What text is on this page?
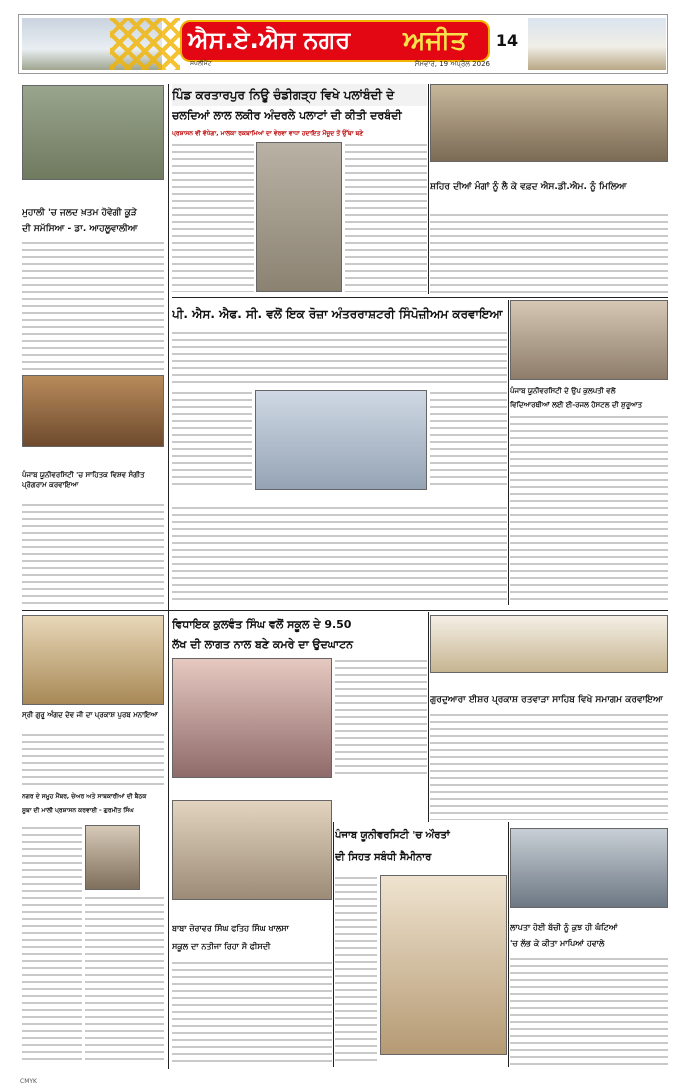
ਐਸ.ਏ.ਐਸ ਨਗਰ	ਅਜੀਤ
ਸਪਲੀਮੈਂਟ	ਸੋਮਵਾਰ, 19 ਅਪ੍ਰੈਲ 2026
14
ਪਿੰਡ ਕਰਤਾਰਪੁਰ ਨਿਊ ਚੰਡੀਗੜ੍ਹ ਵਿਖੇ ਪਲਾਂਬੰਦੀ ਦੇ
ਚਲਦਿਆਂ ਲਾਲ ਲਕੀਰ ਅੰਦਰਲੇ ਪਲਾਟਾਂ ਦੀ ਕੀਤੀ ਦਰਬੰਦੀ
ਪ੍ਰਸ਼ਾਸਨ ਵੀ ਵੱਧੇਗਾ, ਮਾਲਕਾ ਰਕਬਾਮਿਆਂ ਦਾ ਵੇਰਵਾ ਵਾਧਾ ਹਦਾਇਤ ਮੌਜੂਦ ਤੋਂ ਉੱਥਾ ਬਣੇ
ਮੁਹਾਲੀ 'ਚ ਜਲਦ ਖ਼ਤਮ ਹੋਵੇਗੀ ਕੂੜੇ
ਦੀ ਸਮੱਸਿਆ - ਡਾ. ਆਹਲੂਵਾਲੀਆ
ਸ਼ਹਿਰ ਦੀਆਂ ਮੰਗਾਂ ਨੂੰ ਲੈ ਕੇ ਵਫ਼ਦ ਐਸ.ਡੀ.ਐਮ. ਨੂੰ ਮਿਲਿਆ
ਪੀ. ਐਸ. ਐਫ. ਸੀ. ਵਲੋਂ ਇਕ ਰੋਜ਼ਾ ਅੰਤਰਰਾਸ਼ਟਰੀ ਸਿੰਪੋਜ਼ੀਅਮ ਕਰਵਾਇਆ
ਪੰਜਾਬ ਯੂਨੀਵਰਸਿਟੀ 'ਚ ਸਾਹਿਤਕ ਵਿਸ਼ਵ ਸੰਗੀਤ ਪ੍ਰੋਗਰਾਮ ਕਰਵਾਇਆ
ਪੰਜਾਬ ਯੂਨੀਵਰਸਿਟੀ ਦੇ ਉਪ ਕੁਲਪਤੀ ਵਲੋਂ
ਵਿਦਿਆਰਥੀਆਂ ਲਈ ਈ-ਰਜਲ ਹੋਸਟਲ ਦੀ ਸ਼ੁਰੂਆਤ
ਸ੍ਰੀ ਗੁਰੂ ਅੰਗਦ ਦੇਵ ਜੀ ਦਾ ਪ੍ਰਕਾਸ਼ ਪੁਰਬ ਮਨਾਇਆ
ਵਿਧਾਇਕ ਕੁਲਵੰਤ ਸਿੰਘ ਵਲੋਂ ਸਕੂਲ ਦੇ 9.50
ਲੱਖ ਦੀ ਲਾਗਤ ਨਾਲ ਬਣੇ ਕਮਰੇ ਦਾ ਉਦਘਾਟਨ
ਗੁਰਦੁਆਰਾ ਈਸ਼ਰ ਪ੍ਰਕਾਸ਼ ਰਤਵਾੜਾ ਸਾਹਿਬ ਵਿਖੇ ਸਮਾਗਮ ਕਰਵਾਇਆ
ਨਗਰ ਦੇ ਸਮੂਹ ਮੈਂਬਰ, ਚੇਅਰ ਅਤੇ ਸਾਬਕਾਰੀਆਂ ਦੀ ਬੈਠਕ
ਸੂਬਾ ਦੀ ਮਾਲੀ ਪ੍ਰਸ਼ਾਸਨ ਕਰਵਾਈ - ਗੁਰਮੀਤ ਸਿੰਘ
ਬਾਬਾ ਜ਼ੋਰਾਵਰ ਸਿੰਘ ਫਤਿਹ ਸਿੰਘ ਖਾਲਸਾ
ਸਕੂਲ ਦਾ ਨਤੀਜਾ ਰਿਹਾ ਸੌ ਫੀਸਦੀ
ਪੰਜਾਬ ਯੂਨੀਵਰਸਿਟੀ 'ਚ ਔਰਤਾਂ
ਦੀ ਸਿਹਤ ਸਬੰਧੀ ਸੈਮੀਨਾਰ
ਲਾਪਤਾ ਹੋਈ ਬੱਚੀ ਨੂੰ ਕੁਝ ਹੀ ਘੰਟਿਆਂ
'ਚ ਲੱਭ ਕੇ ਕੀਤਾ ਮਾਪਿਆਂ ਹਵਾਲੇ
CMYK
